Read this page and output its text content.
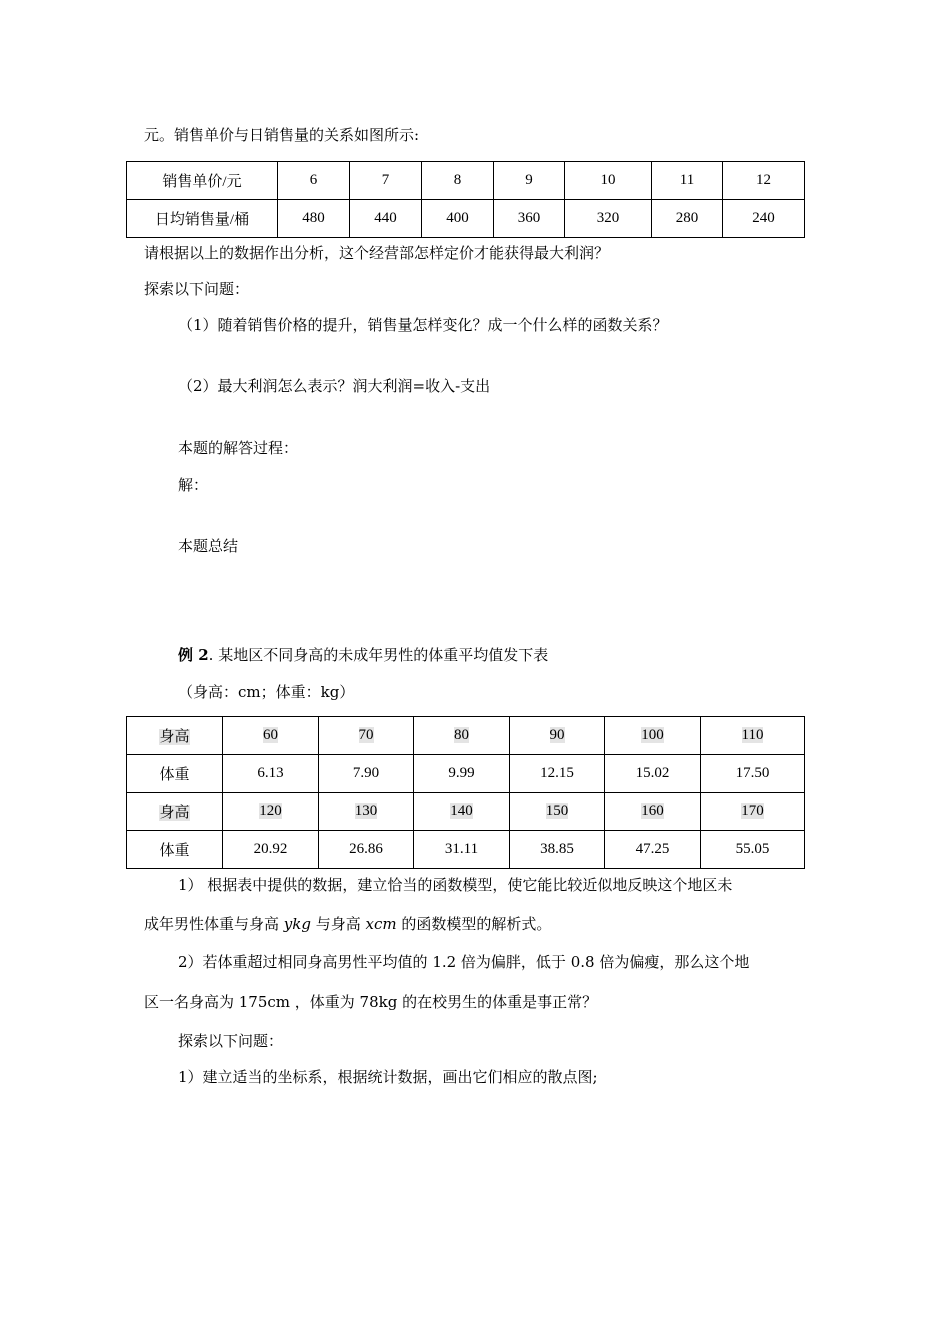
元。销售单价与日销售量的关系如图所示:
销售单价/元	6	7	8	9	10	11	12
日均销售量/桶	480	440	400	360	320	280	240
请根据以上的数据作出分析，这个经营部怎样定价才能获得最大利润？
探索以下问题：
（1）随着销售价格的提升，销售量怎样变化？成一个什么样的函数关系？
（2）最大利润怎么表示？润大利润=收入-支出
本题的解答过程：
解：
本题总结
例 2. 某地区不同身高的未成年男性的体重平均值发下表
（身高：cm；体重：kg）
身高	60	70	80	90	100	110
体重	6.13	7.90	9.99	12.15	15.02	17.50
身高	120	130	140	150	160	170
体重	20.92	26.86	31.11	38.85	47.25	55.05
1） 根据表中提供的数据，建立恰当的函数模型，使它能比较近似地反映这个地区未
成年男性体重与身高 ykg 与身高 xcm 的函数模型的解析式。
2）若体重超过相同身高男性平均值的 1.2 倍为偏胖，低于 0.8 倍为偏瘦，那么这个地
区一名身高为 175cm ，体重为 78kg 的在校男生的体重是事正常？
探索以下问题：
1）建立适当的坐标系，根据统计数据，画出它们相应的散点图;
